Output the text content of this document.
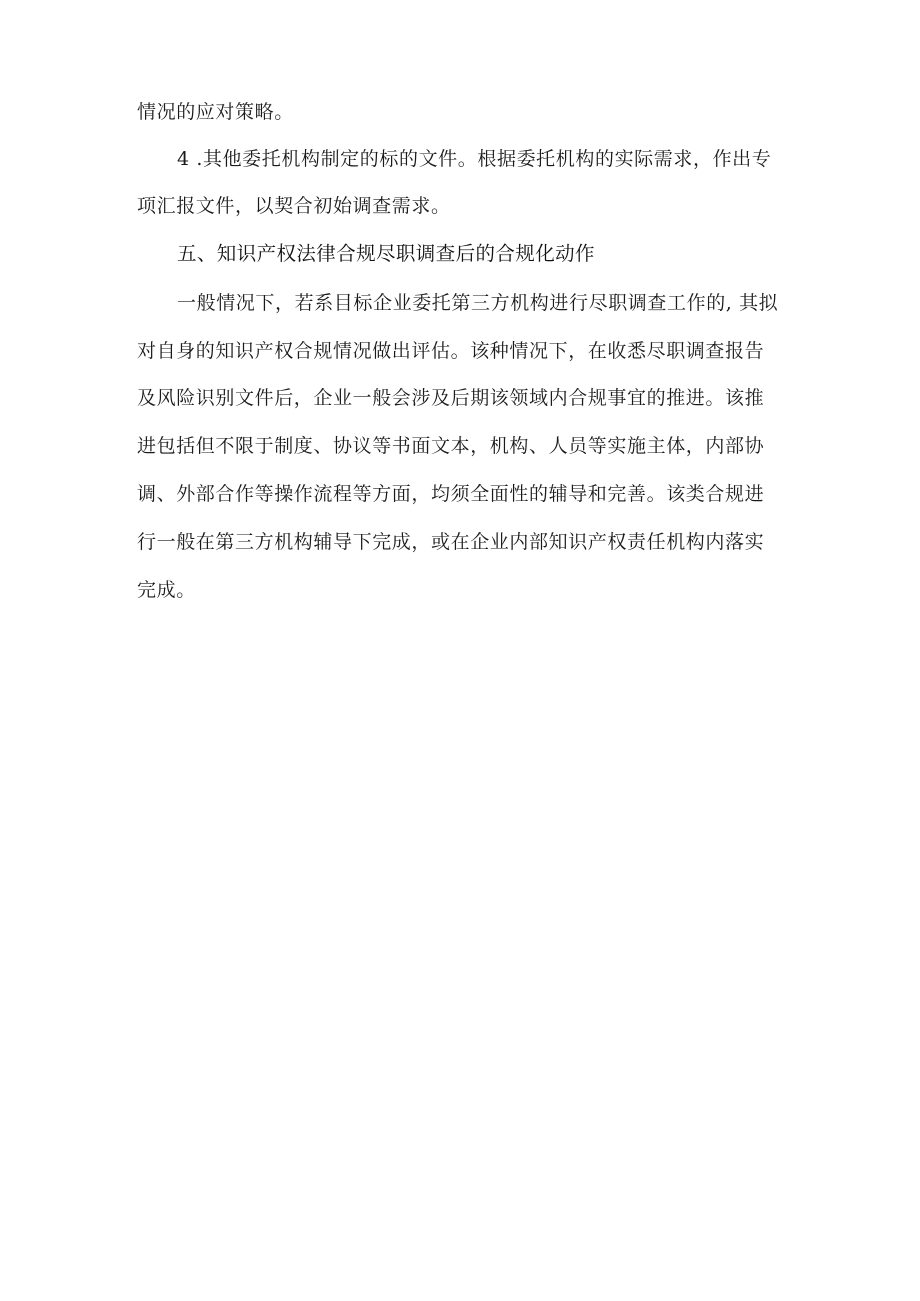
情况的应对策略。
4 .其他委托机构制定的标的文件。根据委托机构的实际需求，作出专
项汇报文件，以契合初始调查需求。
五、知识产权法律合规尽职调查后的合规化动作
一般情况下，若系目标企业委托第三方机构进行尽职调查工作的, 其拟
对自身的知识产权合规情况做出评估。该种情况下，在收悉尽职调查报告
及风险识别文件后，企业一般会涉及后期该领域内合规事宜的推进。该推
进包括但不限于制度、协议等书面文本，机构、人员等实施主体，内部协
调、外部合作等操作流程等方面，均须全面性的辅导和完善。该类合规进
行一般在第三方机构辅导下完成，或在企业内部知识产权责任机构内落实
完成。
